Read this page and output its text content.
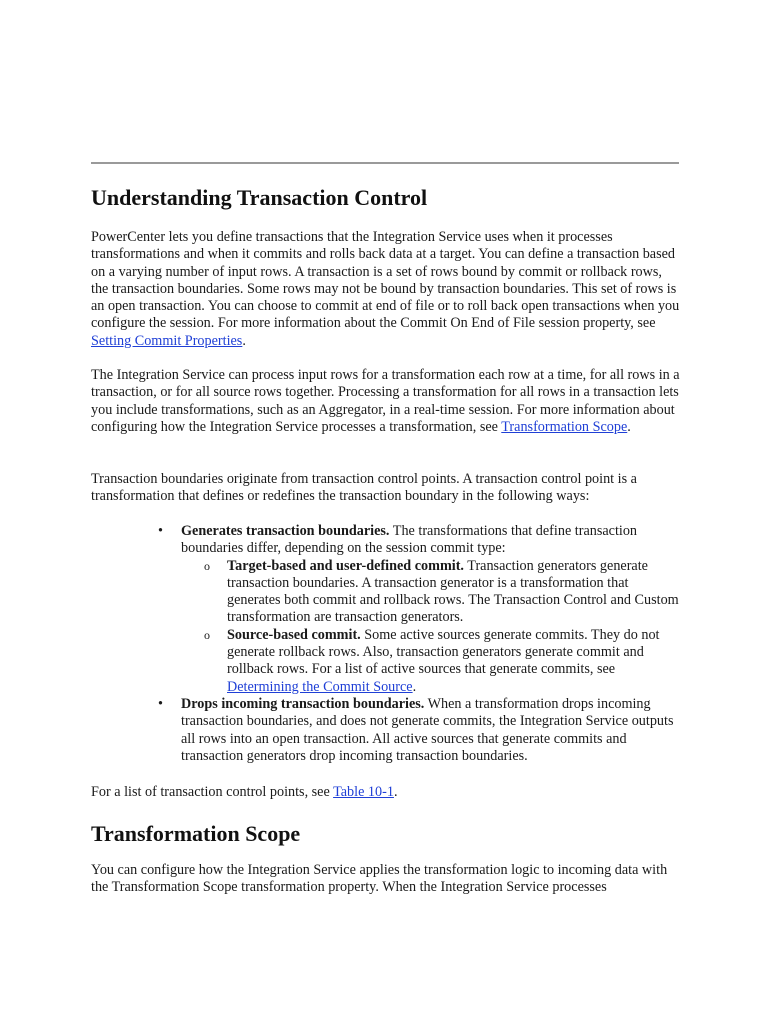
Understanding Transaction Control

PowerCenter lets you define transactions that the Integration Service uses when it processes transformations and when it commits and rolls back data at a target. You can define a transaction based on a varying number of input rows. A transaction is a set of rows bound by commit or rollback rows, the transaction boundaries. Some rows may not be bound by transaction boundaries. This set of rows is an open transaction. You can choose to commit at end of file or to roll back open transactions when you configure the session. For more information about the Commit On End of File session property, see Setting Commit Properties.

The Integration Service can process input rows for a transformation each row at a time, for all rows in a transaction, or for all source rows together. Processing a transformation for all rows in a transaction lets you include transformations, such as an Aggregator, in a real-time session. For more information about configuring how the Integration Service processes a transformation, see Transformation Scope.

Transaction boundaries originate from transaction control points. A transaction control point is a transformation that defines or redefines the transaction boundary in the following ways:

• Generates transaction boundaries. The transformations that define transaction boundaries differ, depending on the session commit type:
o Target-based and user-defined commit. Transaction generators generate transaction boundaries. A transaction generator is a transformation that generates both commit and rollback rows. The Transaction Control and Custom transformation are transaction generators.
o Source-based commit. Some active sources generate commits. They do not generate rollback rows. Also, transaction generators generate commit and rollback rows. For a list of active sources that generate commits, see Determining the Commit Source.
• Drops incoming transaction boundaries. When a transformation drops incoming transaction boundaries, and does not generate commits, the Integration Service outputs all rows into an open transaction. All active sources that generate commits and transaction generators drop incoming transaction boundaries.

For a list of transaction control points, see Table 10-1.

Transformation Scope

You can configure how the Integration Service applies the transformation logic to incoming data with the Transformation Scope transformation property. When the Integration Service processes
